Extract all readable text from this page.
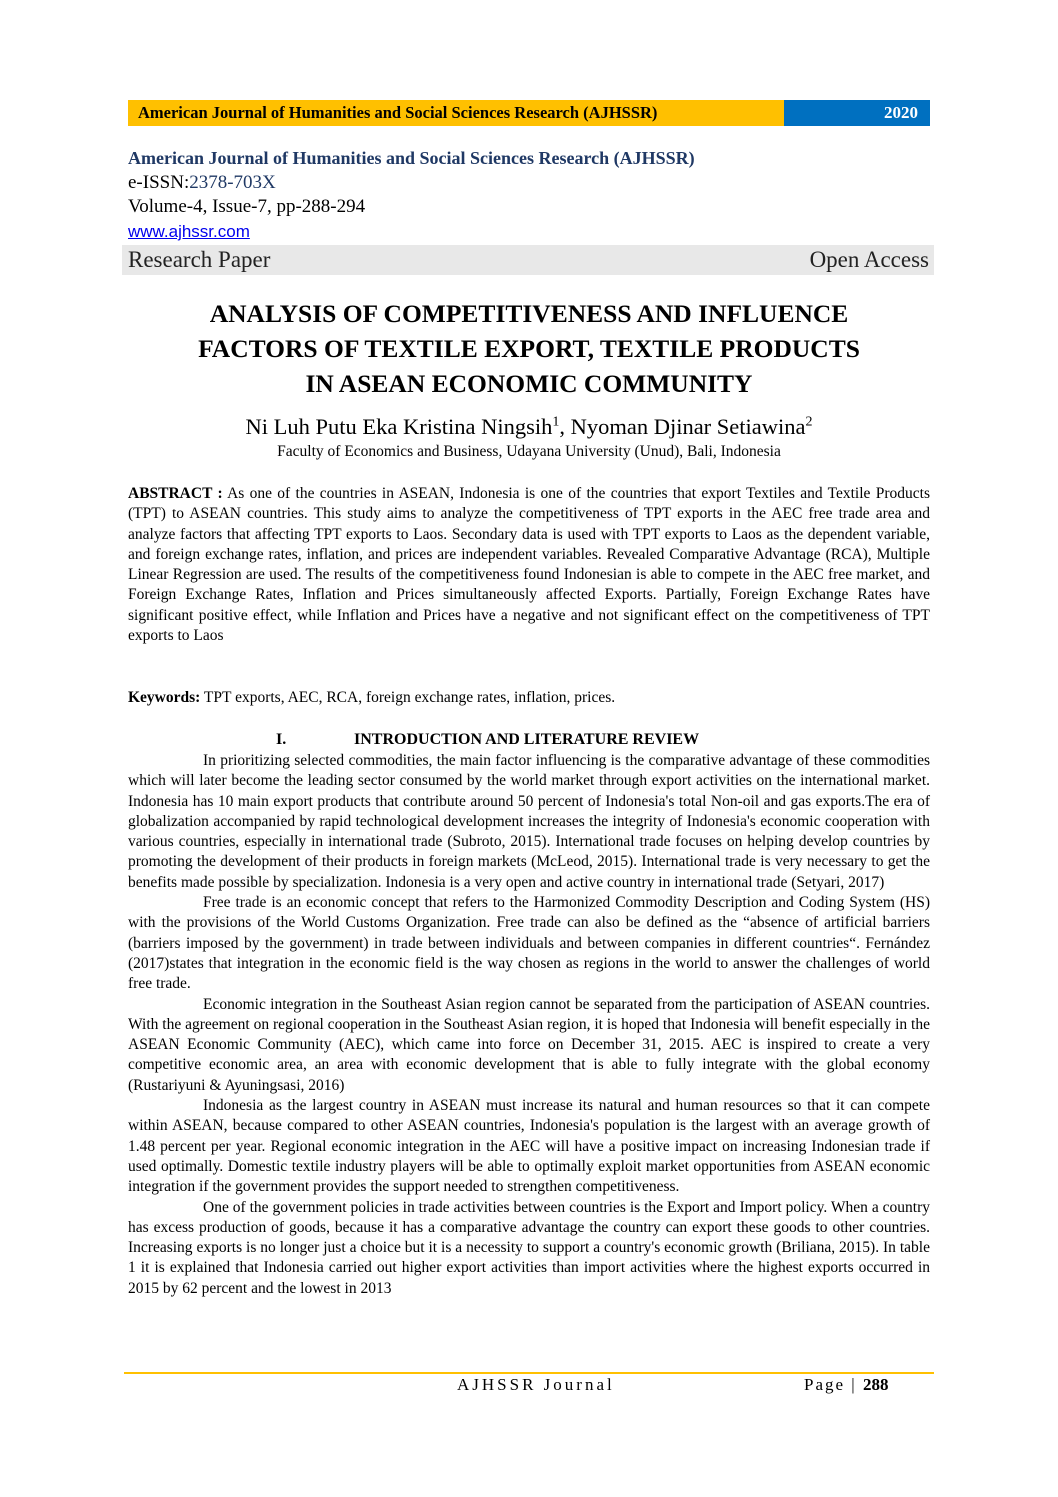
American Journal of Humanities and Social Sciences Research (AJHSSR)	2020
American Journal of Humanities and Social Sciences Research (AJHSSR)
e-ISSN:2378-703X
Volume-4, Issue-7, pp-288-294
www.ajhssr.com
Research Paper	Open Access
ANALYSIS OF COMPETITIVENESS AND INFLUENCE
FACTORS OF TEXTILE EXPORT, TEXTILE PRODUCTS
IN ASEAN ECONOMIC COMMUNITY
Ni Luh Putu Eka Kristina Ningsih$^1$, Nyoman Djinar Setiawina$^2$
Faculty of Economics and Business, Udayana University (Unud), Bali, Indonesia

ABSTRACT : As one of the countries in ASEAN, Indonesia is one of the countries that export Textiles and Textile Products (TPT) to ASEAN countries. This study aims to analyze the competitiveness of TPT exports in the AEC free trade area and analyze factors that affecting TPT exports to Laos. Secondary data is used with TPT exports to Laos as the dependent variable, and foreign exchange rates, inflation, and prices are independent variables. Revealed Comparative Advantage (RCA), Multiple Linear Regression are used. The results of the competitiveness found Indonesian is able to compete in the AEC free market, and Foreign Exchange Rates, Inflation and Prices simultaneously affected Exports. Partially, Foreign Exchange Rates have significant positive effect, while Inflation and Prices have a negative and not significant effect on the competitiveness of TPT exports to Laos

Keywords: TPT exports, AEC, RCA, foreign exchange rates, inflation, prices.

I.	INTRODUCTION AND LITERATURE REVIEW

In prioritizing selected commodities, the main factor influencing is the comparative advantage of these commodities which will later become the leading sector consumed by the world market through export activities on the international market. Indonesia has 10 main export products that contribute around 50 percent of Indonesia's total Non-oil and gas exports.The era of globalization accompanied by rapid technological development increases the integrity of Indonesia's economic cooperation with various countries, especially in international trade (Subroto, 2015). International trade focuses on helping develop countries by promoting the development of their products in foreign markets (McLeod, 2015). International trade is very necessary to get the benefits made possible by specialization. Indonesia is a very open and active country in international trade (Setyari, 2017)

Free trade is an economic concept that refers to the Harmonized Commodity Description and Coding System (HS) with the provisions of the World Customs Organization. Free trade can also be defined as the “absence of artificial barriers (barriers imposed by the government) in trade between individuals and between companies in different countries“. Fernández (2017)states that integration in the economic field is the way chosen as regions in the world to answer the challenges of world free trade.

Economic integration in the Southeast Asian region cannot be separated from the participation of ASEAN countries. With the agreement on regional cooperation in the Southeast Asian region, it is hoped that Indonesia will benefit especially in the ASEAN Economic Community (AEC), which came into force on December 31, 2015. AEC is inspired to create a very competitive economic area, an area with economic development that is able to fully integrate with the global economy (Rustariyuni & Ayuningsasi, 2016)

Indonesia as the largest country in ASEAN must increase its natural and human resources so that it can compete within ASEAN, because compared to other ASEAN countries, Indonesia's population is the largest with an average growth of 1.48 percent per year. Regional economic integration in the AEC will have a positive impact on increasing Indonesian trade if used optimally. Domestic textile industry players will be able to optimally exploit market opportunities from ASEAN economic integration if the government provides the support needed to strengthen competitiveness.

One of the government policies in trade activities between countries is the Export and Import policy. When a country has excess production of goods, because it has a comparative advantage the country can export these goods to other countries. Increasing exports is no longer just a choice but it is a necessity to support a country's economic growth (Briliana, 2015). In table 1 it is explained that Indonesia carried out higher export activities than import activities where the highest exports occurred in 2015 by 62 percent and the lowest in 2013

AJHSSR Journal	Page | 288
